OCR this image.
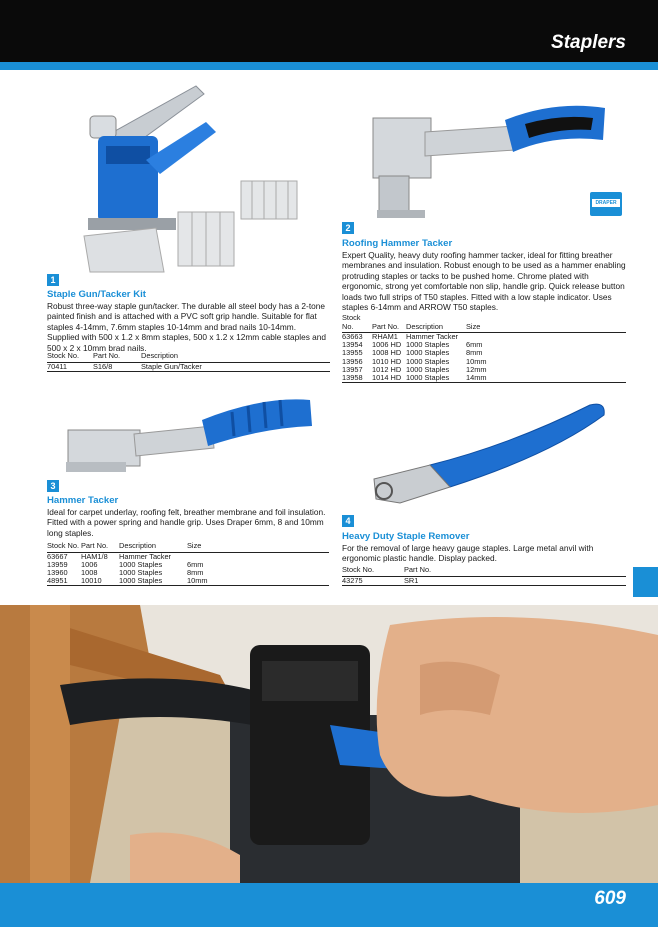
Staplers
DRAPER EXPERT
1
Staple Gun/Tacker Kit
Robust three-way staple gun/tacker. The durable all steel body has a 2-tone painted finish and is attached with a PVC soft grip handle. Suitable for flat staples 4-14mm, 7.6mm staples 10-14mm and brad nails 10-14mm. Supplied with 500 x 1.2 x 8mm staples, 500 x 1.2 x 12mm cable staples and 500 x 2 x 10mm brad nails.
Stock No.	Part No.	Description
70411	S16/8	Staple Gun/Tacker
2
Roofing Hammer Tacker
Expert Quality, heavy duty roofing hammer tacker, ideal for fitting breather membranes and insulation. Robust enough to be used as a hammer enabling protruding staples or tacks to be pushed home. Chrome plated with ergonomic, strong yet comfortable non slip, handle grip. Quick release button loads two full strips of T50 staples. Fitted with a low staple indicator. Uses staples 6-14mm and ARROW T50 staples.
Stock No.	Part No.	Description	Size
63663	RHAM1	Hammer Tacker	
13954	1006 HD	1000 Staples	6mm
13955	1008 HD	1000 Staples	8mm
13956	1010 HD	1000 Staples	10mm
13957	1012 HD	1000 Staples	12mm
13958	1014 HD	1000 Staples	14mm
3
Hammer Tacker
Ideal for carpet underlay, roofing felt, breather membrane and foil insulation. Fitted with a power spring and handle grip. Uses Draper 6mm, 8 and 10mm long staples.
Stock No.	Part No.	Description	Size
63667	HAM1/8	Hammer Tacker	
13959	1006	1000 Staples	6mm
13960	1008	1000 Staples	8mm
48951	10010	1000 Staples	10mm
4
Heavy Duty Staple Remover
For the removal of large heavy gauge staples. Large metal anvil with ergonomic plastic handle. Display packed.
Stock No.	Part No.
43275	SR1
609
